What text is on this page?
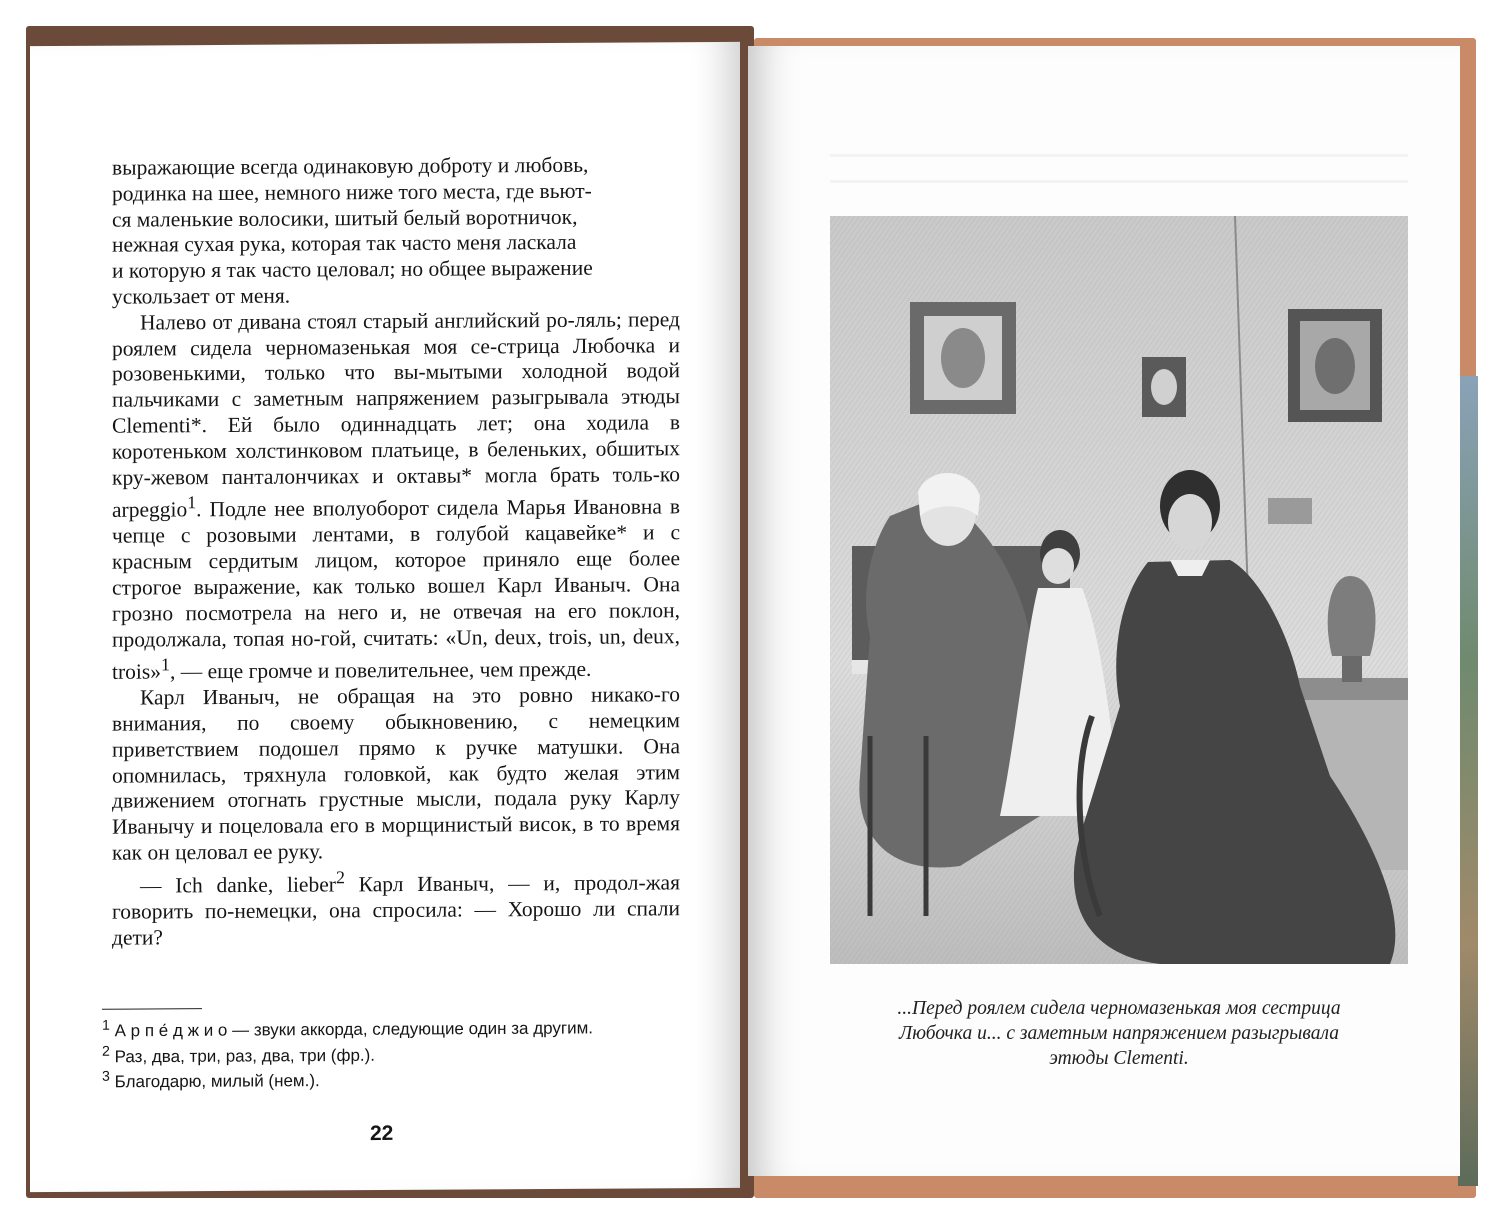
выражающие всегда одинаковую доброту и любовь,
родинка на шее, немного ниже того места, где вьют-
ся маленькие волосики, шитый белый воротничок,
нежная сухая рука, которая так часто меня ласкала
и которую я так часто целовал; но общее выражение
ускользает от меня.

Налево от дивана стоял старый английский ро-ляль; перед роялем сидела черномазенькая моя се-стрица Любочка и розовенькими, только что вы-мытыми холодной водой пальчиками с заметным напряжением разыгрывала этюды Clementi*. Ей было одиннадцать лет; она ходила в коротеньком холстинковом платьице, в беленьких, обшитых кру-жевом панталончиках и октавы* могла брать толь-ко arpeggio$^1$. Подле нее вполуоборот сидела Марья Ивановна в чепце с розовыми лентами, в голубой кацавейке* и с красным сердитым лицом, которое приняло еще более строгое выражение, как только вошел Карл Иваныч. Она грозно посмотрела на него и, не отвечая на его поклон, продолжала, топая но-гой, считать: «Un, deux, trois, un, deux, trois»$^1$, — еще громче и повелительнее, чем прежде.

Карл Иваныч, не обращая на это ровно никако-го внимания, по своему обыкновению, с немецким приветствием подошел прямо к ручке матушки. Она опомнилась, тряхнула головкой, как будто желая этим движением отогнать грустные мысли, подала руку Карлу Иванычу и поцеловала его в морщинистый висок, в то время как он целовал ее руку.

— Ich danke, lieber$^2$ Карл Иваныч, — и, продол-жая говорить по-немецки, она спросила: — Хорошо ли спали дети?

$^1$ А р п е́ д ж и о — звуки аккорда, следующие один за другим.

$^2$ Раз, два, три, раз, два, три (фр.).

$^3$ Благодарю, милый (нем.).

22

...Перед роялем сидела черномазенькая моя сестрица
Любочка и... с заметным напряжением разыгрывала
этюды Clementi.
